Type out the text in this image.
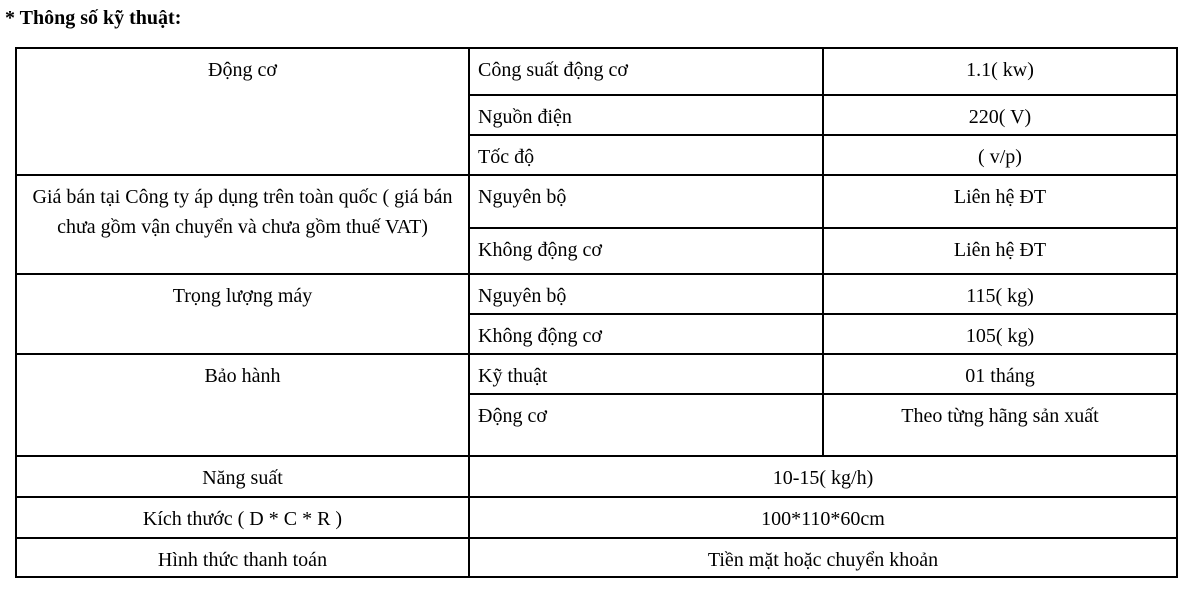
* Thông số kỹ thuật:
Động cơ	Công suất động cơ	1.1( kw)
	Nguồn điện	220( V)
	Tốc độ	( v/p)
Giá bán tại Công ty áp dụng trên toàn quốc ( giá bán chưa gồm vận chuyển và chưa gồm thuế VAT)	Nguyên bộ	Liên hệ ĐT
	Không động cơ	Liên hệ ĐT
Trọng lượng máy	Nguyên bộ	115( kg)
	Không động cơ	105( kg)
Bảo hành	Kỹ thuật	01 tháng
	Động cơ	Theo từng hãng sản xuất
Năng suất	10-15( kg/h)	
Kích thước ( D * C * R )	100*110*60cm	
Hình thức thanh toán	Tiền mặt hoặc chuyển khoản	
